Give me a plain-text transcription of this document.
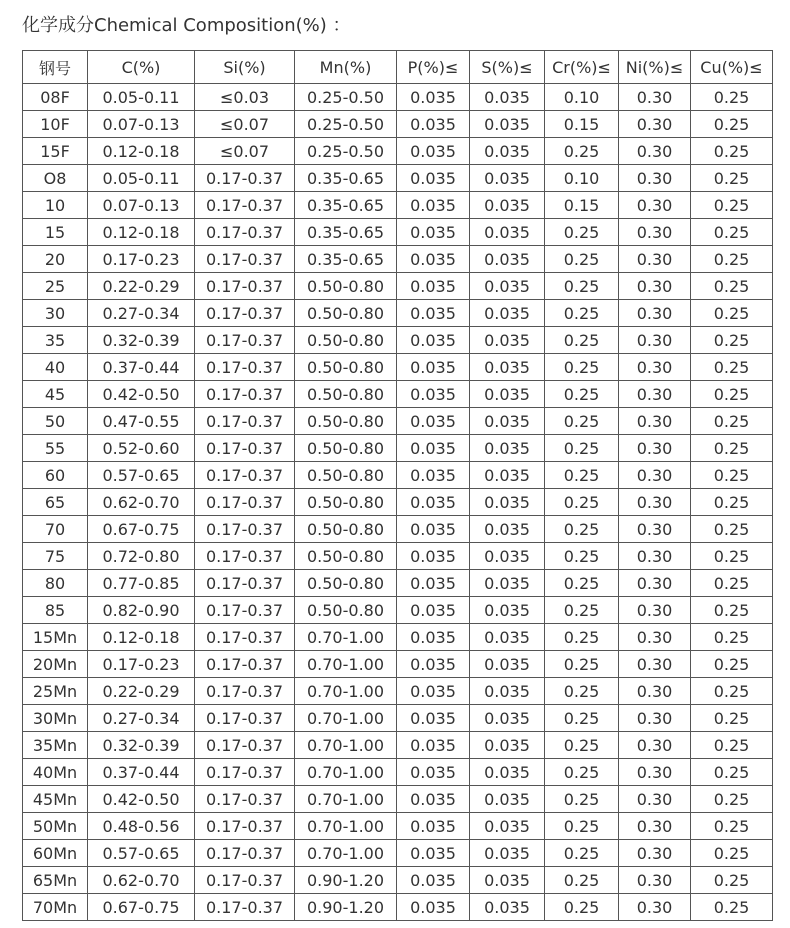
化学成分Chemical Composition(%) ：
钢号	C(%)	Si(%)	Mn(%)	P(%)≤	S(%)≤	Cr(%)≤	Ni(%)≤	Cu(%)≤
08F	0.05-0.11	≤0.03	0.25-0.50	0.035	0.035	0.10	0.30	0.25
10F	0.07-0.13	≤0.07	0.25-0.50	0.035	0.035	0.15	0.30	0.25
15F	0.12-0.18	≤0.07	0.25-0.50	0.035	0.035	0.25	0.30	0.25
O8	0.05-0.11	0.17-0.37	0.35-0.65	0.035	0.035	0.10	0.30	0.25
10	0.07-0.13	0.17-0.37	0.35-0.65	0.035	0.035	0.15	0.30	0.25
15	0.12-0.18	0.17-0.37	0.35-0.65	0.035	0.035	0.25	0.30	0.25
20	0.17-0.23	0.17-0.37	0.35-0.65	0.035	0.035	0.25	0.30	0.25
25	0.22-0.29	0.17-0.37	0.50-0.80	0.035	0.035	0.25	0.30	0.25
30	0.27-0.34	0.17-0.37	0.50-0.80	0.035	0.035	0.25	0.30	0.25
35	0.32-0.39	0.17-0.37	0.50-0.80	0.035	0.035	0.25	0.30	0.25
40	0.37-0.44	0.17-0.37	0.50-0.80	0.035	0.035	0.25	0.30	0.25
45	0.42-0.50	0.17-0.37	0.50-0.80	0.035	0.035	0.25	0.30	0.25
50	0.47-0.55	0.17-0.37	0.50-0.80	0.035	0.035	0.25	0.30	0.25
55	0.52-0.60	0.17-0.37	0.50-0.80	0.035	0.035	0.25	0.30	0.25
60	0.57-0.65	0.17-0.37	0.50-0.80	0.035	0.035	0.25	0.30	0.25
65	0.62-0.70	0.17-0.37	0.50-0.80	0.035	0.035	0.25	0.30	0.25
70	0.67-0.75	0.17-0.37	0.50-0.80	0.035	0.035	0.25	0.30	0.25
75	0.72-0.80	0.17-0.37	0.50-0.80	0.035	0.035	0.25	0.30	0.25
80	0.77-0.85	0.17-0.37	0.50-0.80	0.035	0.035	0.25	0.30	0.25
85	0.82-0.90	0.17-0.37	0.50-0.80	0.035	0.035	0.25	0.30	0.25
15Mn	0.12-0.18	0.17-0.37	0.70-1.00	0.035	0.035	0.25	0.30	0.25
20Mn	0.17-0.23	0.17-0.37	0.70-1.00	0.035	0.035	0.25	0.30	0.25
25Mn	0.22-0.29	0.17-0.37	0.70-1.00	0.035	0.035	0.25	0.30	0.25
30Mn	0.27-0.34	0.17-0.37	0.70-1.00	0.035	0.035	0.25	0.30	0.25
35Mn	0.32-0.39	0.17-0.37	0.70-1.00	0.035	0.035	0.25	0.30	0.25
40Mn	0.37-0.44	0.17-0.37	0.70-1.00	0.035	0.035	0.25	0.30	0.25
45Mn	0.42-0.50	0.17-0.37	0.70-1.00	0.035	0.035	0.25	0.30	0.25
50Mn	0.48-0.56	0.17-0.37	0.70-1.00	0.035	0.035	0.25	0.30	0.25
60Mn	0.57-0.65	0.17-0.37	0.70-1.00	0.035	0.035	0.25	0.30	0.25
65Mn	0.62-0.70	0.17-0.37	0.90-1.20	0.035	0.035	0.25	0.30	0.25
70Mn	0.67-0.75	0.17-0.37	0.90-1.20	0.035	0.035	0.25	0.30	0.25
